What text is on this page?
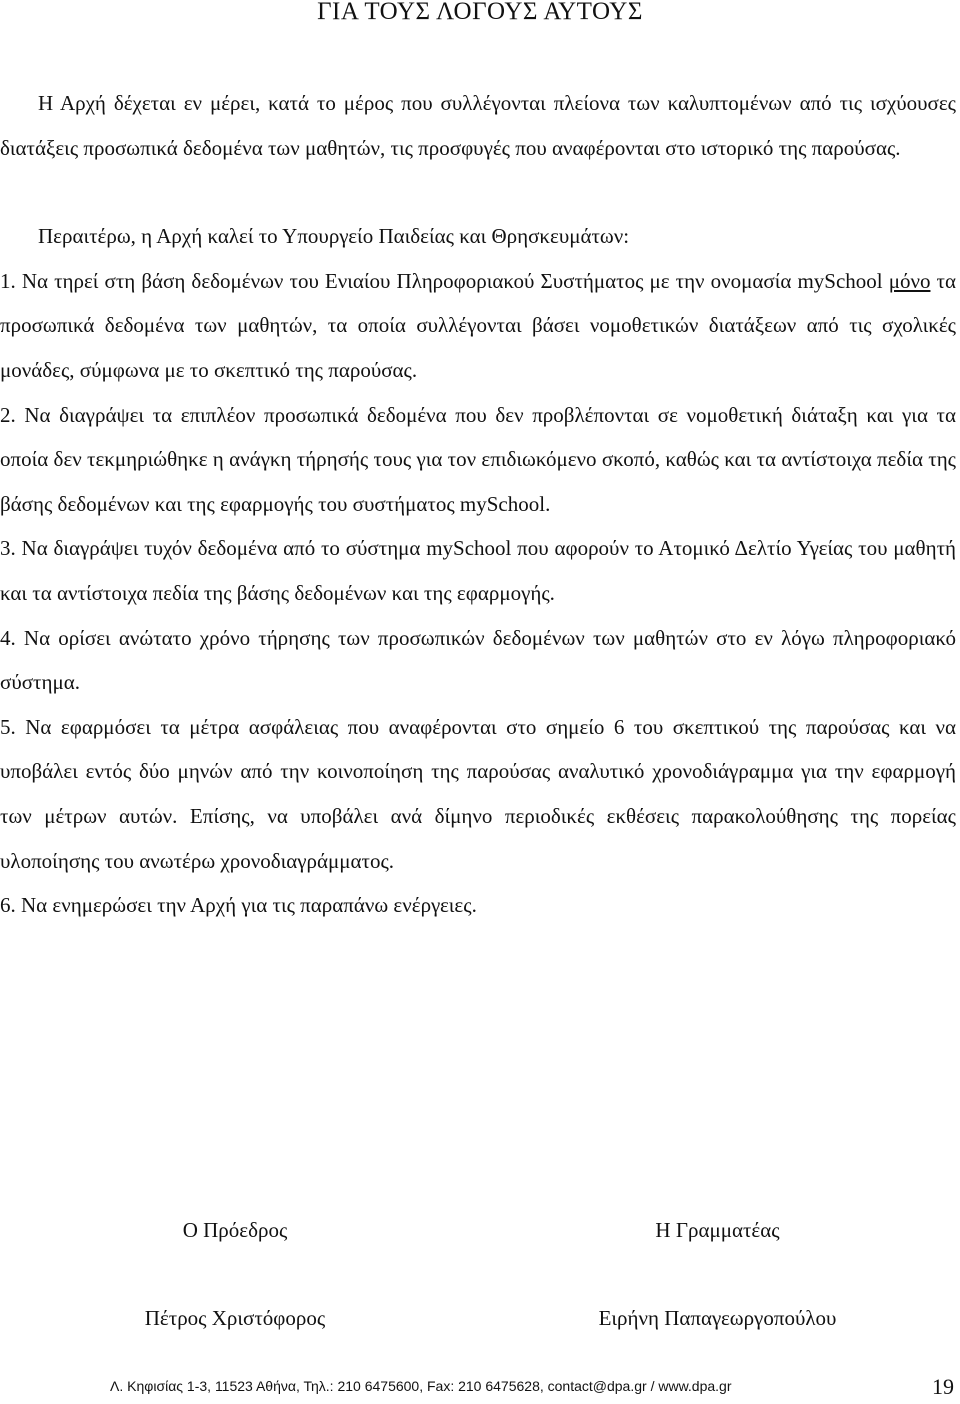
ΓΙΑ ΤΟΥΣ ΛΟΓΟΥΣ ΑΥΤΟΥΣ

Η Αρχή δέχεται εν μέρει, κατά το μέρος που συλλέγονται πλείονα των καλυπτομένων από τις ισχύουσες διατάξεις προσωπικά δεδομένα των μαθητών, τις προσφυγές που αναφέρονται στο ιστορικό της παρούσας.

Περαιτέρω, η Αρχή καλεί το Υπουργείο Παιδείας και Θρησκευμάτων:

1. Να τηρεί στη βάση δεδομένων του Ενιαίου Πληροφοριακού Συστήματος με την ονομασία mySchool μόνο τα προσωπικά δεδομένα των μαθητών, τα οποία συλλέγονται βάσει νομοθετικών διατάξεων από τις σχολικές μονάδες, σύμφωνα με το σκεπτικό της παρούσας.

2. Να διαγράψει τα επιπλέον προσωπικά δεδομένα που δεν προβλέπονται σε νομοθετική διάταξη και για τα οποία δεν τεκμηριώθηκε η ανάγκη τήρησής τους για τον επιδιωκόμενο σκοπό, καθώς και τα αντίστοιχα πεδία της βάσης δεδομένων και της εφαρμογής του συστήματος mySchool.

3. Να διαγράψει τυχόν δεδομένα από το σύστημα mySchool που αφορούν το Ατομικό Δελτίο Υγείας του μαθητή και τα αντίστοιχα πεδία της βάσης δεδομένων και της εφαρμογής.

4. Να ορίσει ανώτατο χρόνο τήρησης των προσωπικών δεδομένων των μαθητών στο εν λόγω πληροφοριακό σύστημα.

5. Να εφαρμόσει τα μέτρα ασφάλειας που αναφέρονται στο σημείο 6 του σκεπτικού της παρούσας και να υποβάλει εντός δύο μηνών από την κοινοποίηση της παρούσας αναλυτικό χρονοδιάγραμμα για την εφαρμογή των μέτρων αυτών. Επίσης, να υποβάλει ανά δίμηνο περιοδικές εκθέσεις παρακολούθησης της πορείας υλοποίησης του ανωτέρω χρονοδιαγράμματος.

6. Να ενημερώσει την Αρχή για τις παραπάνω ενέργειες.

Ο Πρόεδρος
Πέτρος Χριστόφορος
Η Γραμματέας
Ειρήνη Παπαγεωργοπούλου
Λ. Κηφισίας 1-3, 11523 Αθήνα, Τηλ.: 210 6475600, Fax: 210 6475628, contact@dpa.gr / www.dpa.gr	19
